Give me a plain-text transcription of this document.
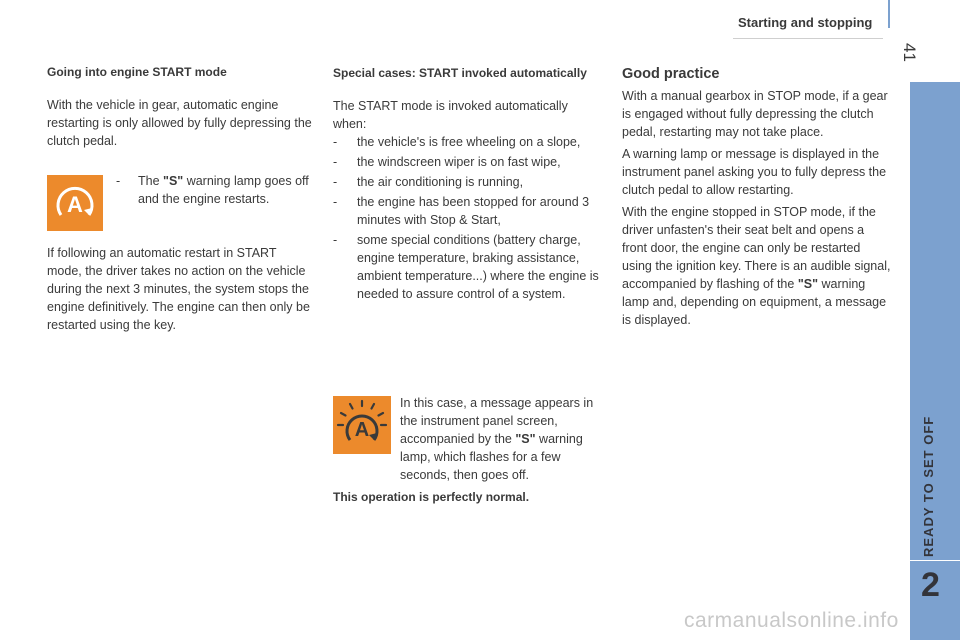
Starting and stopping
41
READY TO SET OFF
2

Going into engine START mode

With the vehicle in gear, automatic engine restarting is only allowed by fully depressing the clutch pedal.

A
-	The "S" warning lamp goes off and the engine restarts.

If following an automatic restart in START mode, the driver takes no action on the vehicle during the next 3 minutes, the system stops the engine definitively. The engine can then only be restarted using the key.

Special cases: START invoked automatically

The START mode is invoked automatically when:

- the vehicle's is free wheeling on a slope,
- the windscreen wiper is on fast wipe,
- the air conditioning is running,
- the engine has been stopped for around 3 minutes with Stop & Start,
- some special conditions (battery charge, engine temperature, braking assistance, ambient temperature...) where the engine is needed to assure control of a system.
A

In this case, a message appears in the instrument panel screen, accompanied by the "S" warning lamp, which flashes for a few seconds, then goes off.

This operation is perfectly normal.

Good practice

With a manual gearbox in STOP mode, if a gear is engaged without fully depressing the clutch pedal, restarting may not take place.

A warning lamp or message is displayed in the instrument panel asking you to fully depress the clutch pedal to allow restarting.

With the engine stopped in STOP mode, if the driver unfasten's their seat belt and opens a front door, the engine can only be restarted using the ignition key. There is an audible signal, accompanied by flashing of the "S" warning lamp and, depending on equipment, a message is displayed.

carmanualsonline.info
